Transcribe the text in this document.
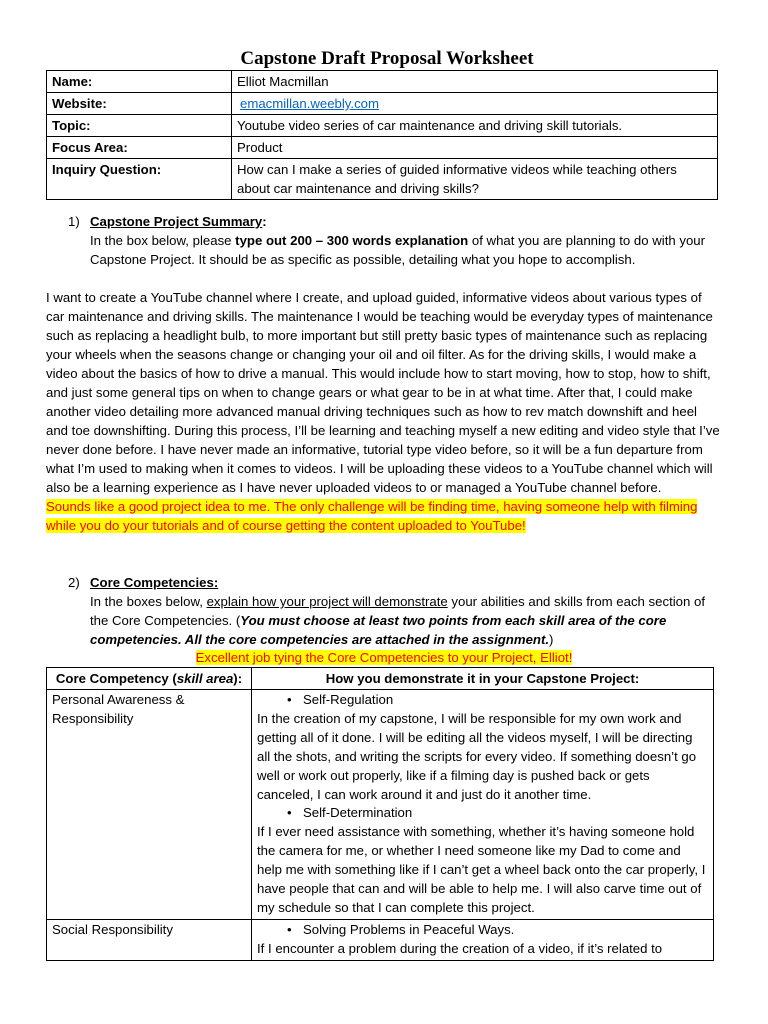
Capstone Draft Proposal Worksheet
Name:	Elliot Macmillan
Website:	emacmillan.weebly.com
Topic:	Youtube video series of car maintenance and driving skill tutorials.
Focus Area:	Product
Inquiry Question:	How can I make a series of guided informative videos while teaching others
about car maintenance and driving skills?
1) Capstone Project Summary:
In the box below, please type out 200 – 300 words explanation of what you are planning to do with your Capstone Project. It should be as specific as possible, detailing what you hope to accomplish.
I want to create a YouTube channel where I create, and upload guided, informative videos about various types of car maintenance and driving skills. The maintenance I would be teaching would be everyday types of maintenance such as replacing a headlight bulb, to more important but still pretty basic types of maintenance such as replacing your wheels when the seasons change or changing your oil and oil filter. As for the driving skills, I would make a video about the basics of how to drive a manual. This would include how to start moving, how to stop, how to shift, and just some general tips on when to change gears or what gear to be in at what time. After that, I could make another video detailing more advanced manual driving techniques such as how to rev match downshift and heel and toe downshifting. During this process, I’ll be learning and teaching myself a new editing and video style that I’ve never done before. I have never made an informative, tutorial type video before, so it will be a fun departure from what I’m used to making when it comes to videos. I will be uploading these videos to a YouTube channel which will also be a learning experience as I have never uploaded videos to or managed a YouTube channel before.
Sounds like a good project idea to me. The only challenge will be finding time, having someone help with filming while you do your tutorials and of course getting the content uploaded to YouTube!
2) Core Competencies:
In the boxes below, explain how your project will demonstrate your abilities and skills from each section of the Core Competencies. (You must choose at least two points from each skill area of the core competencies. All the core competencies are attached in the assignment.)
Excellent job tying the Core Competencies to your Project, Elliot!
Core Competency (skill area):	How you demonstrate it in your Capstone Project:
Personal Awareness & Responsibility	• Self-Regulation
In the creation of my capstone, I will be responsible for my own work and getting all of it done. I will be editing all the videos myself, I will be directing all the shots, and writing the scripts for every video. If something doesn’t go well or work out properly, like if a filming day is pushed back or gets canceled, I can work around it and just do it another time.
• Self-Determination
If I ever need assistance with something, whether it’s having someone hold the camera for me, or whether I need someone like my Dad to come and help me with something like if I can’t get a wheel back onto the car properly, I have people that can and will be able to help me. I will also carve time out of my schedule so that I can complete this project.
Social Responsibility	• Solving Problems in Peaceful Ways.
If I encounter a problem during the creation of a video, if it’s related to
